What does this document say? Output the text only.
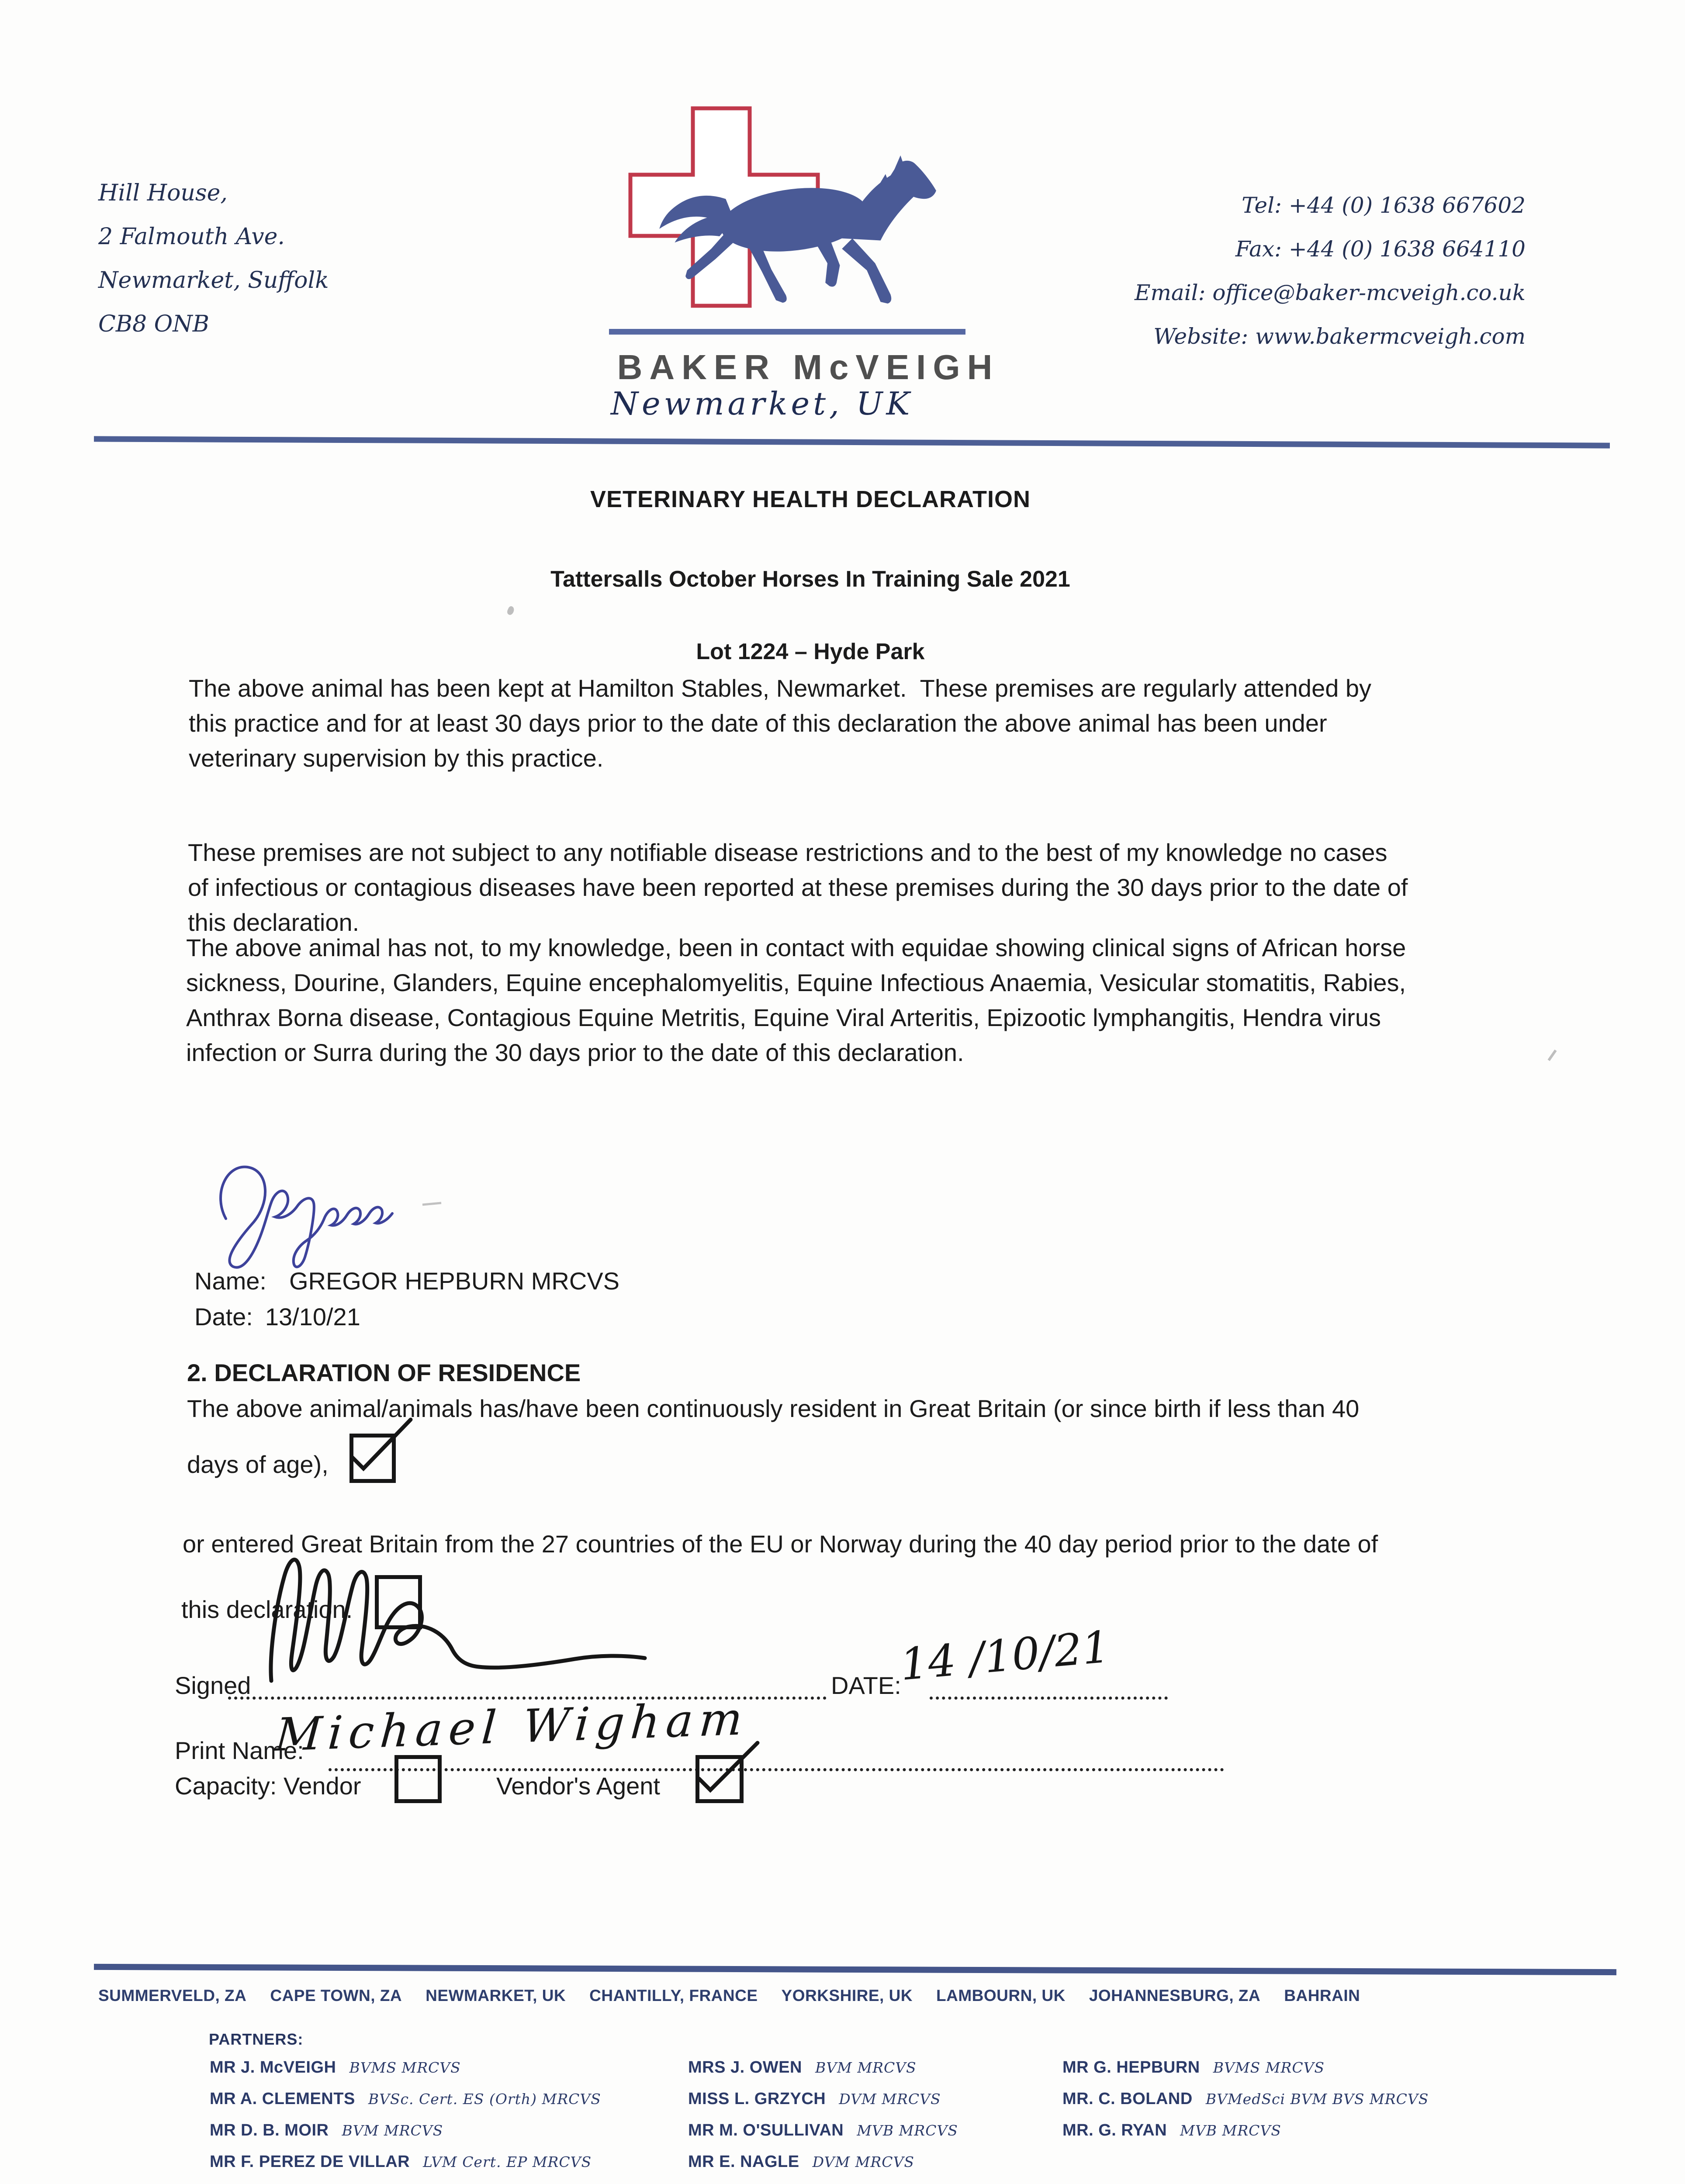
Hill House,
2 Falmouth Ave.
Newmarket, Suffolk
CB8 ONB
Tel: +44 (0) 1638 667602
Fax: +44 (0) 1638 664110
Email: office@baker-mcveigh.co.uk
Website: www.bakermcveigh.com
BAKER McVEIGH
Newmarket, UK
VETERINARY HEALTH DECLARATION
Tattersalls October Horses In Training Sale 2021
Lot 1224 – Hyde Park
The above animal has been kept at Hamilton Stables, Newmarket.  These premises are regularly attended by
this practice and for at least 30 days prior to the date of this declaration the above animal has been under
veterinary supervision by this practice.
These premises are not subject to any notifiable disease restrictions and to the best of my knowledge no cases
of infectious or contagious diseases have been reported at these premises during the 30 days prior to the date of
this declaration.
The above animal has not, to my knowledge, been in contact with equidae showing clinical signs of African horse
sickness, Dourine, Glanders, Equine encephalomyelitis, Equine Infectious Anaemia, Vesicular stomatitis, Rabies,
Anthrax Borna disease, Contagious Equine Metritis, Equine Viral Arteritis, Epizootic lymphangitis, Hendra virus
infection or Surra during the 30 days prior to the date of this declaration.
Name: GREGOR HEPBURN MRCVS
Date: 13/10/21
2. DECLARATION OF RESIDENCE
The above animal/animals has/have been continuously resident in Great Britain (or since birth if less than 40
days of age),
or entered Great Britain from the 27 countries of the EU or Norway during the 40 day period prior to the date of
this declaration.
Signed	DATE:
14 /10/21
Print Name:
Michael Wigham
Capacity: Vendor	Vendor's Agent
SUMMERVELD, ZA CAPE TOWN, ZA NEWMARKET, UK CHANTILLY, FRANCE YORKSHIRE, UK LAMBOURN, UK JOHANNESBURG, ZA BAHRAIN
PARTNERS:
MR J. McVEIGH BVMS MRCVS
MR A. CLEMENTS BVSc. Cert. ES (Orth) MRCVS
MR D. B. MOIR BVM MRCVS
MR F. PEREZ DE VILLAR LVM Cert. EP MRCVS
MRS J. OWEN BVM MRCVS
MISS L. GRZYCH DVM MRCVS
MR M. O'SULLIVAN MVB MRCVS
MR E. NAGLE DVM MRCVS
MR G. HEPBURN BVMS MRCVS
MR. C. BOLAND BVMedSci BVM BVS MRCVS
MR. G. RYAN MVB MRCVS
